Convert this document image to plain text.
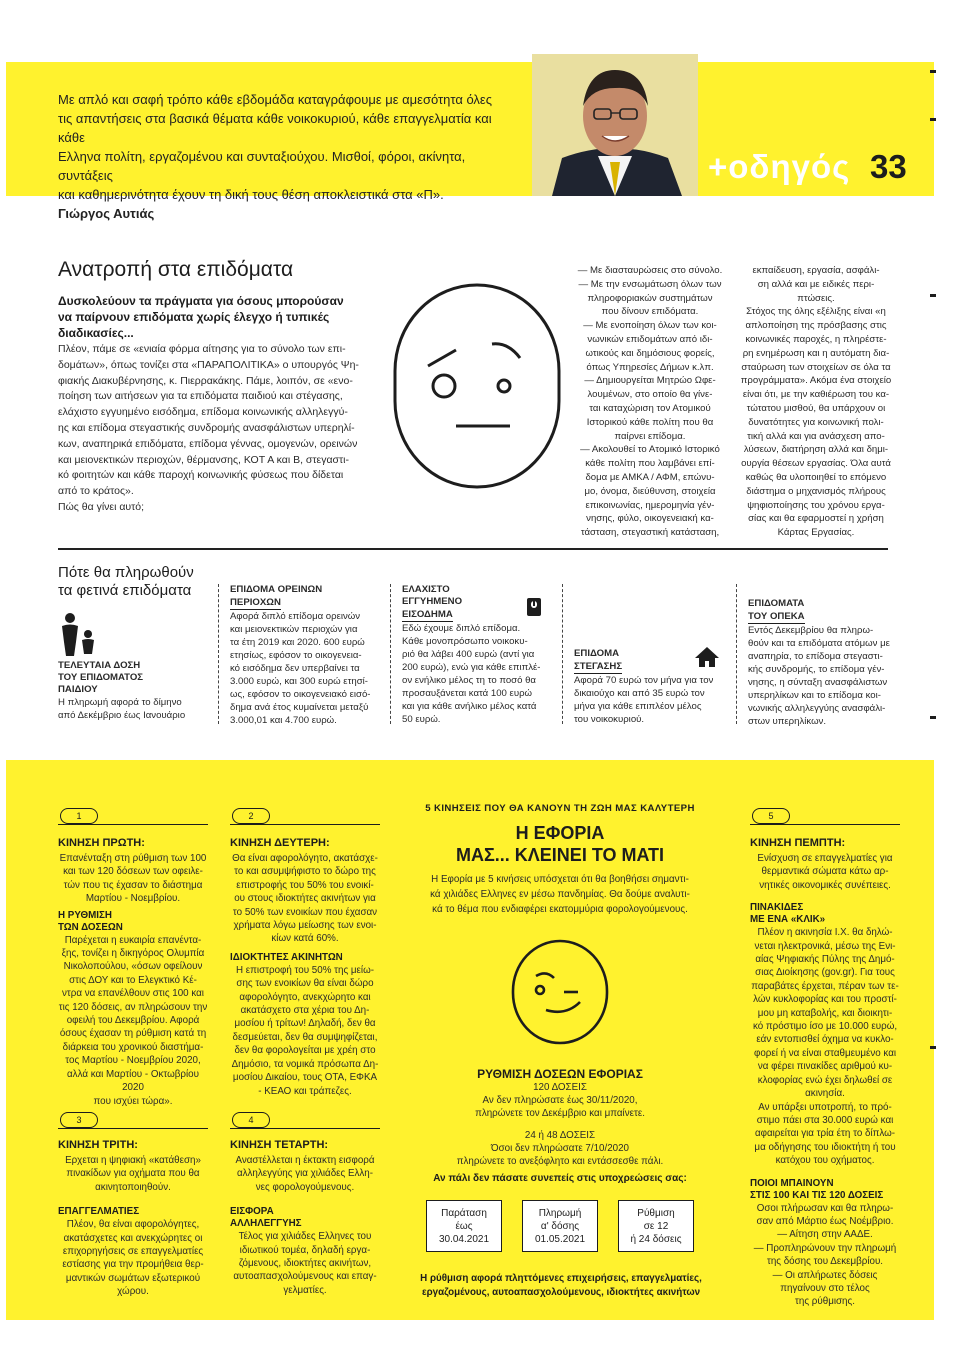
Με απλό και σαφή τρόπο κάθε εβδομάδα καταγράφουμε με αμεσότητα όλες
τις απαντήσεις στα βασικά θέματα κάθε νοικοκυριού, κάθε επαγγελματία και κάθε
Ελληνα πολίτη, εργαζομένου και συνταξιούχου. Μισθοί, φόροι, ακίνητα, συντάξεις
και καθημερινότητα έχουν τη δική τους θέση αποκλειστικά στα «Π».
Γιώργος Αυτιάς
+οδηγός 33
Ανατροπή στα επιδόματα
Δυσκολεύουν τα πράγματα για όσους μπορούσαν
να παίρνουν επιδόματα χωρίς έλεγχο ή τυπικές
διαδικασίες...
Πλέον, πάμε σε «ενιαία φόρμα αίτησης για το σύνολο των επι-
δομάτων», όπως τονίζει στα «ΠΑΡΑΠΟΛΙΤΙΚΑ» ο υπουργός Ψη-
φιακής Διακυβέρνησης, κ. Πιερρακάκης. Πάμε, λοιπόν, σε «ενο-
ποίηση των αιτήσεων για τα επιδόματα παιδιού και στέγασης,
ελάχιστο εγγυημένο εισόδημα, επίδομα κοινωνικής αλληλεγγύ-
ης και επίδομα στεγαστικής συνδρομής ανασφάλιστων υπερηλί-
κων, αναπηρικά επιδόματα, επίδομα γέννας, ομογενών, ορεινών
και μειονεκτικών περιοχών, θέρμανσης, ΚΟΤ Α και Β, στεγαστι-
κό φοιτητών και κάθε παροχή κοινωνικής φύσεως που δίδεται
από το κράτος».
Πώς θα γίνει αυτό;
— Με διασταυρώσεις στο σύνολο.
— Με την ενσωμάτωση όλων των
πληροφοριακών συστημάτων
που δίνουν επιδόματα.
— Με ενοποίηση όλων των κοι-
νωνικών επιδομάτων από ιδι-
ωτικούς και δημόσιους φορείς,
όπως Υπηρεσίες Δήμων κ.λπ.
— Δημιουργείται Μητρώο Ωφε-
λουμένων, στο οποίο θα γίνε-
ται καταχώριση τον Ατομικού
Ιστορικού κάθε πολίτη που θα
παίρνει επίδομα.
— Ακολουθεί το Ατομικό Ιστορικό
κάθε πολίτη που λαμβάνει επί-
δομα με ΑΜΚΑ / ΑΦΜ, επώνυ-
μο, όνομα, διεύθυνση, στοιχεία
επικοινωνίας, ημερομηνία γέν-
νησης, φύλο, οικογενειακή κα-
τάσταση, στεγαστική κατάσταση,
εκπαίδευση, εργασία, ασφάλι-
ση αλλά και με ειδικές περι-
πτώσεις.
Στόχος της όλης εξέλιξης είναι «η
απλοποίηση της πρόσβασης στις
κοινωνικές παροχές, η πληρέστε-
ρη ενημέρωση και η αυτόματη δια-
σταύρωση των στοιχείων σε όλα τα
προγράμματα». Ακόμα ένα στοιχείο
είναι ότι, με την καθιέρωση του κα-
τώτατου μισθού, θα υπάρχουν οι
δυνατότητες για κοινωνική πολι-
τική αλλά και για ανάσχεση απο-
λύσεων, διατήρηση αλλά και δημι-
ουργία θέσεων εργασίας. Όλα αυτά
καθώς θα υλοποιηθεί το επόμενο
διάστημα ο μηχανισμός πλήρους
ψηφιοποίησης του χρόνου εργα-
σίας και θα εφαρμοστεί η χρήση
Κάρτας Εργασίας.
Πότε θα πληρωθούν
τα φετινά επιδόματα
ΤΕΛΕΥΤΑΙΑ ΔΟΣΗ
ΤΟΥ ΕΠΙΔΟΜΑΤΟΣ
ΠΑΙΔΙΟΥ
Η πληρωμή αφορά το δίμηνο
από Δεκέμβριο έως Ιανουάριο
ΕΠΙΔΟΜΑ ΟΡΕΙΝΩΝ
ΠΕΡΙΟΧΩΝ
Αφορά διπλό επίδομα ορεινών
και μειονεκτικών περιοχών για
τα έτη 2019 και 2020. 600 ευρώ
ετησίως, εφόσον το οικογενεια-
κό εισόδημα δεν υπερβαίνει τα
3.000 ευρώ, και 300 ευρώ ετησί-
ως, εφόσον το οικογενειακό εισό-
δημα ανά έτος κυμαίνεται μεταξύ
3.000,01 και 4.700 ευρώ.
ΕΛΑΧΙΣΤΟ
ΕΓΓΥΗΜΕΝΟ
ΕΙΣΟΔΗΜΑ
Εδώ έχουμε διπλό επίδομα.
Κάθε μονοπρόσωπο νοικοκυ-
ριό θα λάβει 400 ευρώ (αντί για
200 ευρώ), ενώ για κάθε επιπλέ-
ον ενήλικο μέλος τη το ποσό θα
προσαυξάνεται κατά 100 ευρώ
και για κάθε ανήλικο μέλος κατά
50 ευρώ.
ΕΠΙΔΟΜΑ
ΣΤΕΓΑΣΗΣ
Αφορά 70 ευρώ τον μήνα για τον
δικαιούχο και από 35 ευρώ τον
μήνα για κάθε επιπλέον μέλος
του νοικοκυριού.
ΕΠΙΔΟΜΑΤΑ
ΤΟΥ ΟΠΕΚΑ
Εντός Δεκεμβρίου θα πληρω-
θούν και τα επιδόματα ατόμων με
αναπηρία, το επίδομα στεγαστι-
κής συνδρομής, το επίδομα γέν-
νησης, η σύνταξη ανασφάλιστων
υπερηλίκων και το επίδομα κοι-
νωνικής αλληλεγγύης ανασφάλι-
στων υπερηλίκων.
1
ΚΙΝΗΣΗ ΠΡΩΤΗ:
Επανένταξη στη ρύθμιση των 100
και των 120 δόσεων των οφειλε-
τών που τις έχασαν το διάστημα
Μαρτίου - Νοεμβρίου.
Η ΡΥΘΜΙΣΗ
ΤΩΝ ΔΟΣΕΩΝ
Παρέχεται η ευκαιρία επανέντα-
ξης, τονίζει η δικηγόρος Ολυμπία
Νικολοπούλου, «όσων οφείλουν
στις ΔΟΥ και το Ελεγκτικό Κέ-
ντρα να επανέλθουν στις 100 και
τις 120 δόσεις, αν πληρώσουν την
οφειλή του Δεκεμβρίου. Αφορά
όσους έχασαν τη ρύθμιση κατά τη
διάρκεια του χρονικού διαστήμα-
τος Μαρτίου - Νοεμβρίου 2020,
αλλά και Μαρτίου - Οκτωβρίου 2020
που ισχύει τώρα».
3
ΚΙΝΗΣΗ ΤΡΙΤΗ:
Ερχεται η ψηφιακή «κατάθεση»
πινακίδων για οχήματα που θα
ακινητοποιηθούν.
ΕΠΑΓΓΕΛΜΑΤΙΕΣ
Πλέον, θα είναι αφορολόγητες,
ακατάσχετες και ανεκχώρητες οι
επιχορηγήσεις σε επαγγελματίες
εστίασης για την προμήθεια θερ-
μαντικών σωμάτων εξωτερικού
χώρου.
2
ΚΙΝΗΣΗ ΔΕΥΤΕΡΗ:
Θα είναι αφορολόγητο, ακατάσχε-
το και ασυμψήφιστο το δώρο της
επιστροφής του 50% του ενοικί-
ου στους ιδιοκτήτες ακινήτων για
το 50% των ενοικίων που έχασαν
χρήματα λόγω μείωσης των ενοι-
κίων κατά 60%.
ΙΔΙΟΚΤΗΤΕΣ ΑΚΙΝΗΤΩΝ
Η επιστροφή του 50% της μείω-
σης των ενοικίων θα είναι δώρο
αφορολόγητο, ανεκχώρητο και
ακατάσχετο στα χέρια του Δη-
μοσίου ή τρίτων! Δηλαδή, δεν θα
δεσμεύεται, δεν θα συμψηφίζεται,
δεν θα φορολογείται με χρέη στο
Δημόσιο, τα νομικά πρόσωπα Δη-
μοσίου Δικαίου, τους ΟΤΑ, ΕΦΚΑ
- ΚΕΑΟ και τράπεζες.
4
ΚΙΝΗΣΗ ΤΕΤΑΡΤΗ:
Αναστέλλεται η έκτακτη εισφορά
αλληλεγγύης για χιλιάδες Ελλη-
νες φορολογούμενους.
ΕΙΣΦΟΡΑ
ΑΛΛΗΛΕΓΓΥΗΣ
Τέλος για χιλιάδες Ελληνες του
ιδιωτικού τομέα, δηλαδή εργα-
ζόμενους, ιδιοκτήτες ακινήτων,
αυτοαπασχολούμενους και επαγ-
γελματίες.
5 ΚΙΝΗΣΕΙΣ ΠΟΥ ΘΑ ΚΑΝΟΥΝ ΤΗ ΖΩΗ ΜΑΣ ΚΑΛΥΤΕΡΗ
Η ΕΦΟΡΙΑ
ΜΑΣ... ΚΛΕΙΝΕΙ ΤΟ ΜΑΤΙ
Η Εφορία με 5 κινήσεις υπόσχεται ότι θα βοηθήσει σημαντι-
κά χιλιάδες Ελληνες εν μέσω πανδημίας. Θα δούμε αναλυτι-
κά το θέμα που ενδιαφέρει εκατομμύρια φορολογούμενους.
ΡΥΘΜΙΣΗ ΔΟΣΕΩΝ ΕΦΟΡΙΑΣ
120 ΔΟΣΕΙΣ
Αν δεν πληρώσατε έως 30/11/2020,
πληρώνετε τον Δεκέμβριο και μπαίνετε.
24 ή 48 ΔΟΣΕΙΣ
Όσοι δεν πληρώσατε 7/10/2020
πληρώνετε το ανεξόφλητο και εντάσσεσθε πάλι.
Αν πάλι δεν πάσατε συνεπείς στις υποχρεώσεις σας:
Παράταση
έως
30.04.2021
Πληρωμή
α' δόσης
01.05.2021
Ρύθμιση
σε 12
ή 24 δόσεις
Η ρύθμιση αφορά πληττόμενες επιχειρήσεις, επαγγελματίες,
εργαζομένους, αυτοαπασχολούμενους, ιδιοκτήτες ακινήτων
5
ΚΙΝΗΣΗ ΠΕΜΠΤΗ:
Ενίσχυση σε επαγγελματίες για
θερμαντικά σώματα κάτω αρ-
νητικές οικονομικές συνέπειες.
ΠΙΝΑΚΙΔΕΣ
ΜΕ ΕΝΑ «ΚΛΙΚ»
Πλέον η ακινησία Ι.Χ. θα δηλώ-
νεται ηλεκτρονικά, μέσω της Ενι-
αίας Ψηφιακής Πύλης της Δημό-
σιας Διοίκησης (gov.gr). Για τους
παραβάτες έρχεται, πέραν των τε-
λών κυκλοφορίας και του προστί-
μου μη καταβολής, και διοικητι-
κό πρόστιμο ίσο με 10.000 ευρώ,
εάν εντοπισθεί όχημα να κυκλο-
φορεί ή να είναι σταθμευμένο και
να φέρει πινακίδες αριθμού κυ-
κλοφορίας ενώ έχει δηλωθεί σε
ακινησία.
Αν υπάρξει υποτροπή, το πρό-
στιμο πάει στα 30.000 ευρώ και
αφαιρείται για τρία έτη το δίπλω-
μα οδήγησης του ιδιοκτήτη ή του
κατόχου του οχήματος.
ΠΟΙΟΙ ΜΠΑΙΝΟΥΝ
ΣΤΙΣ 100 ΚΑΙ ΤΙΣ 120 ΔΟΣΕΙΣ
Οσοι πλήρωσαν και θα πληρω-
σαν από Μάρτιο έως Νοέμβριο.
— Αίτηση στην ΑΑΔΕ.
— Προπληρώνουν την πληρωμή
της δόσης του Δεκεμβρίου.
— Οι απλήρωτες δόσεις
πηγαίνουν στο τέλος
της ρύθμισης.
